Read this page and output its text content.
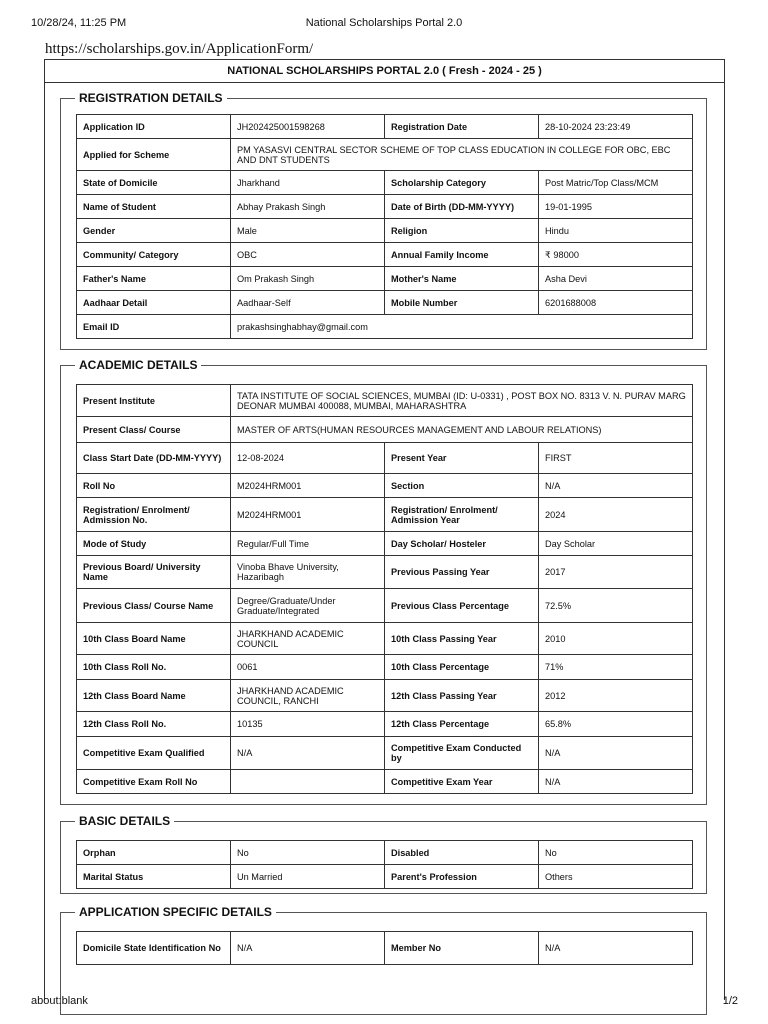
10/28/24, 11:25 PM	National Scholarships Portal 2.0
https://scholarships.gov.in/ApplicationForm/
NATIONAL SCHOLARSHIPS PORTAL 2.0 ( Fresh - 2024 - 25 )
REGISTRATION DETAILS
Application ID	JH202425001598268	Registration Date	28-10-2024 23:23:49
Applied for Scheme	PM YASASVI CENTRAL SECTOR SCHEME OF TOP CLASS EDUCATION IN COLLEGE FOR OBC, EBC AND DNT STUDENTS		
State of Domicile	Jharkhand	Scholarship Category	Post Matric/Top Class/MCM
Name of Student	Abhay Prakash Singh	Date of Birth (DD-MM-YYYY)	19-01-1995
Gender	Male	Religion	Hindu
Community/ Category	OBC	Annual Family Income	₹ 98000
Father's Name	Om Prakash Singh	Mother's Name	Asha Devi
Aadhaar Detail	Aadhaar-Self	Mobile Number	6201688008
Email ID	prakashsinghabhay@gmail.com		
ACADEMIC DETAILS
Present Institute	TATA INSTITUTE OF SOCIAL SCIENCES, MUMBAI (ID: U-0331) , POST BOX NO. 8313 V. N. PURAV MARG DEONAR MUMBAI 400088, MUMBAI, MAHARASHTRA		
Present Class/ Course	MASTER OF ARTS(HUMAN RESOURCES MANAGEMENT AND LABOUR RELATIONS)		
Class Start Date (DD-MM-YYYY)	12-08-2024	Present Year	FIRST
Roll No	M2024HRM001	Section	N/A
Registration/ Enrolment/ Admission No.	M2024HRM001	Registration/ Enrolment/ Admission Year	2024
Mode of Study	Regular/Full Time	Day Scholar/ Hosteler	Day Scholar
Previous Board/ University Name	Vinoba Bhave University, Hazaribagh	Previous Passing Year	2017
Previous Class/ Course Name	Degree/Graduate/Under Graduate/Integrated	Previous Class Percentage	72.5%
10th Class Board Name	JHARKHAND ACADEMIC COUNCIL	10th Class Passing Year	2010
10th Class Roll No.	0061	10th Class Percentage	71%
12th Class Board Name	JHARKHAND ACADEMIC COUNCIL, RANCHI	12th Class Passing Year	2012
12th Class Roll No.	10135	12th Class Percentage	65.8%
Competitive Exam Qualified	N/A	Competitive Exam Conducted by	N/A
Competitive Exam Roll No		Competitive Exam Year	N/A
BASIC DETAILS
Orphan	No	Disabled	No
Marital Status	Un Married	Parent's Profession	Others
APPLICATION SPECIFIC DETAILS
Domicile State Identification No	N/A	Member No	N/A
about:blank	1/2
